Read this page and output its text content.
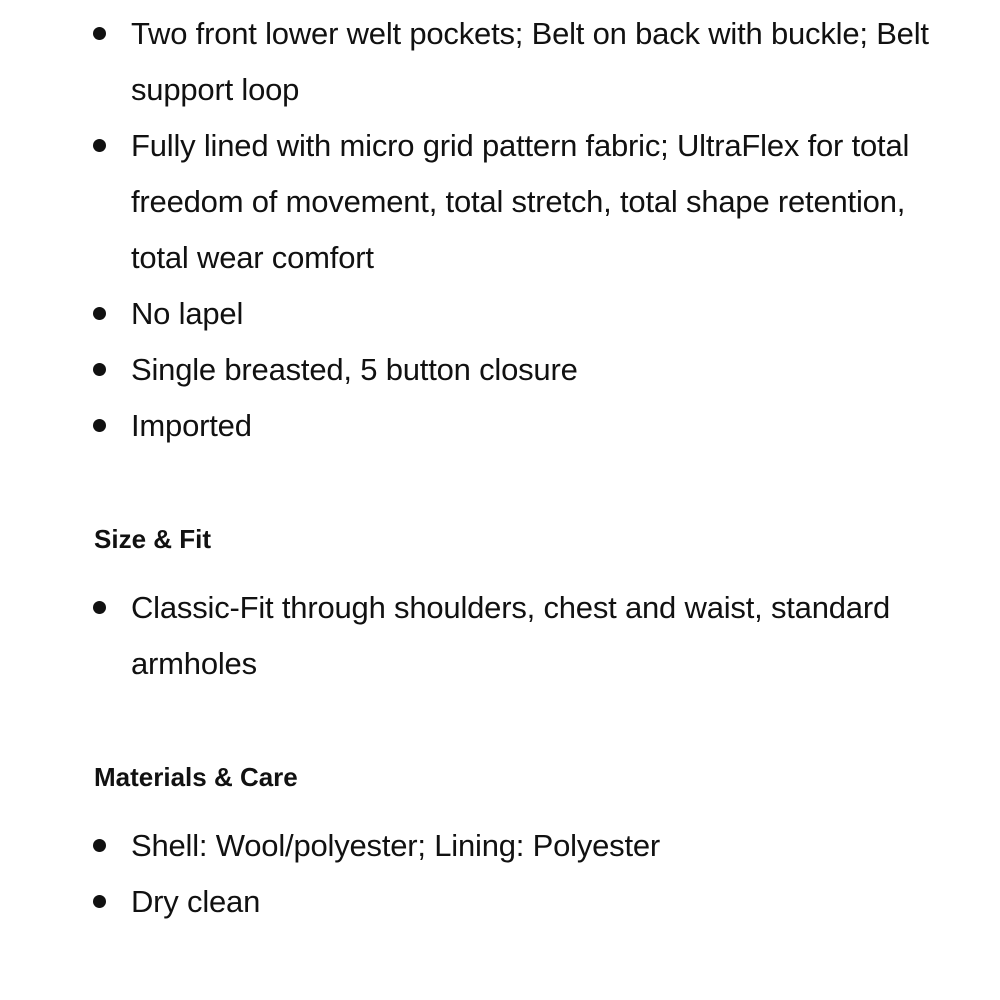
Two front lower welt pockets; Belt on back with buckle; Belt support loop
Fully lined with micro grid pattern fabric; UltraFlex for total freedom of movement, total stretch, total shape retention, total wear comfort
No lapel
Single breasted, 5 button closure
Imported
Size & Fit
Classic-Fit through shoulders, chest and waist, standard armholes
Materials & Care
Shell: Wool/polyester; Lining: Polyester
Dry clean
